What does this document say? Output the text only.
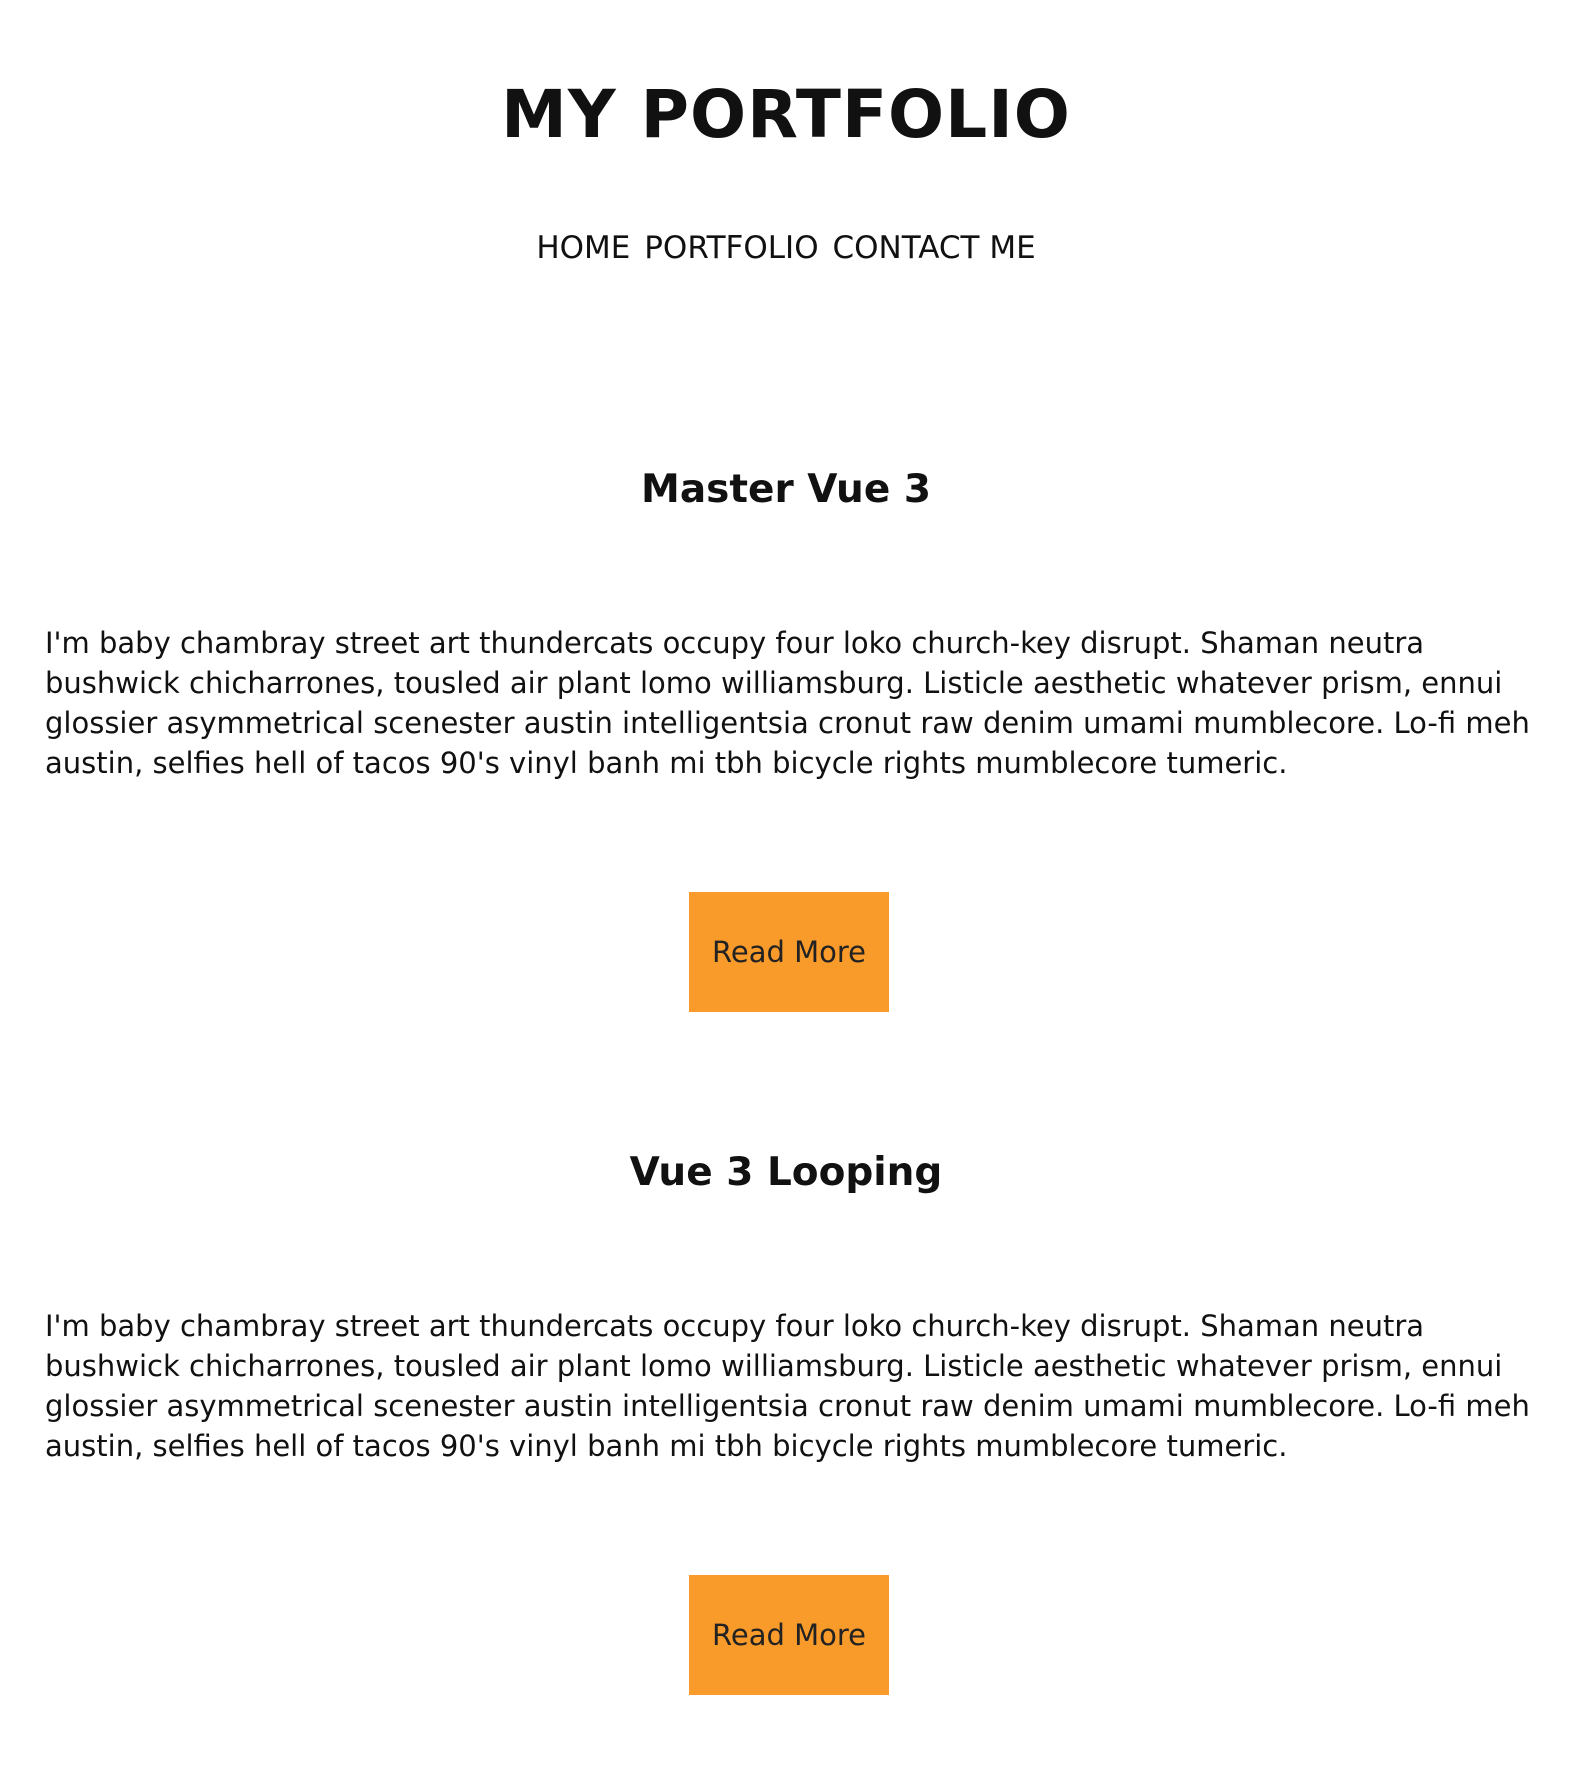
MY PORTFOLIO
HOME PORTFOLIO CONTACT ME
Master Vue 3

I'm baby chambray street art thundercats occupy four loko church-key disrupt. Shaman neutra bushwick chicharrones, tousled air plant lomo williamsburg. Listicle aesthetic whatever prism, ennui glossier asymmetrical scenester austin intelligentsia cronut raw denim umami mumblecore. Lo-fi meh austin, selfies hell of tacos 90's vinyl banh mi tbh bicycle rights mumblecore tumeric.

Read More
Vue 3 Looping

I'm baby chambray street art thundercats occupy four loko church-key disrupt. Shaman neutra bushwick chicharrones, tousled air plant lomo williamsburg. Listicle aesthetic whatever prism, ennui glossier asymmetrical scenester austin intelligentsia cronut raw denim umami mumblecore. Lo-fi meh austin, selfies hell of tacos 90's vinyl banh mi tbh bicycle rights mumblecore tumeric.

Read More
